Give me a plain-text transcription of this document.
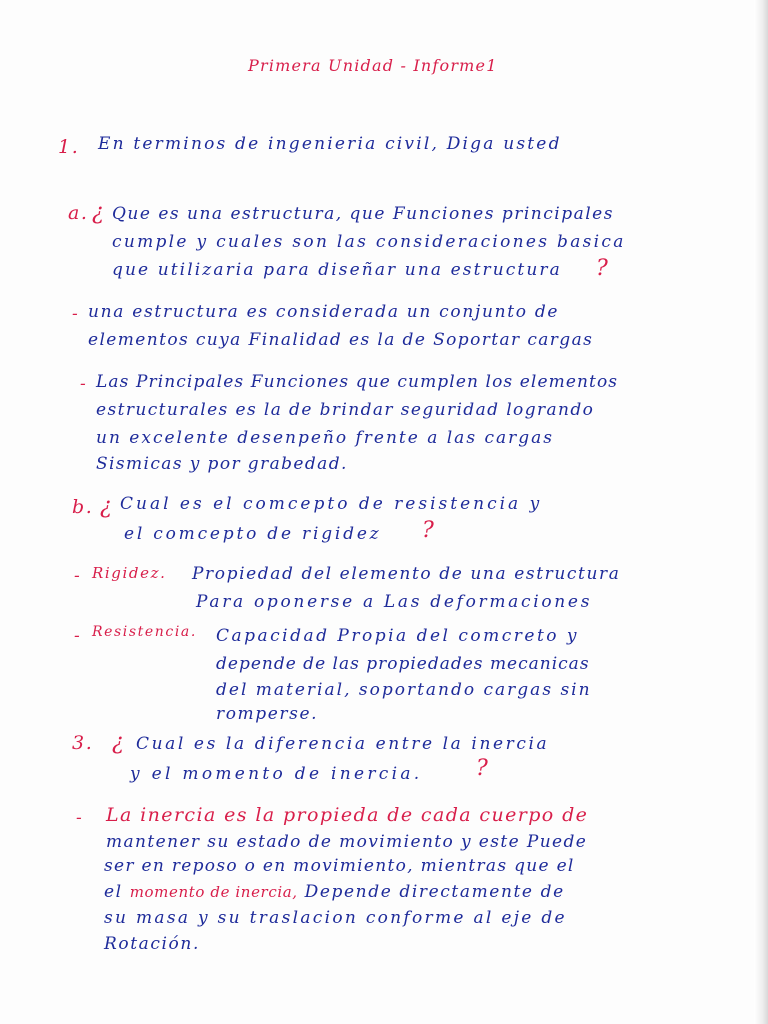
Primera Unidad - Informe1
1. En terminos de ingenieria civil, Diga usted
a. ¿ Que es una estructura, que Funciones principales
cumple y cuales son las consideraciones basica
que utilizaria para diseñar una estructura ?
- una estructura es considerada un conjunto de
elementos cuya Finalidad es la de Soportar cargas
- Las Principales Funciones que cumplen los elementos
estructurales es la de brindar seguridad logrando
un excelente desenpeño frente a las cargas
Sismicas y por grabedad.
b. ¿ Cual es el comcepto de resistencia y
el comcepto de rigidez ?
- Rigidez. Propiedad del elemento de una estructura
Para oponerse a Las deformaciones
- Resistencia. Capacidad Propia del comcreto y
depende de las propiedades mecanicas
del material, soportando cargas sin
romperse.
3. ¿ Cual es la diferencia entre la inercia
y el momento de inercia. ?
- La inercia es la propieda de cada cuerpo de
mantener su estado de movimiento y este Puede
ser en reposo o en movimiento, mientras que el
el momento de inercia, Depende directamente de
su masa y su traslacion conforme al eje de
Rotación.
